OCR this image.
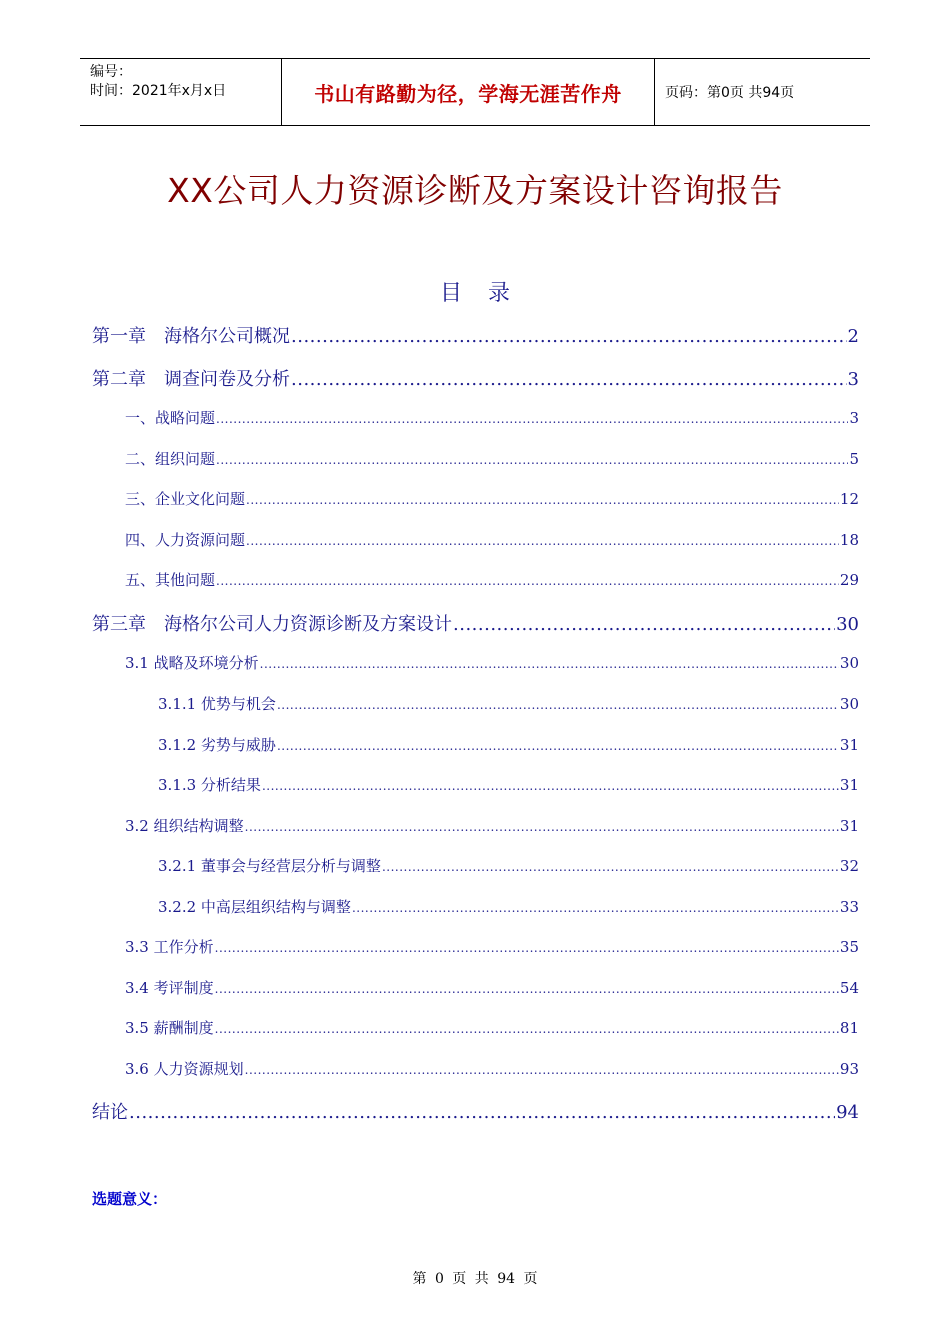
编号：
时间：2021年x月x日	书山有路勤为径，学海无涯苦作舟	页码：第0页 共94页
XX公司人力资源诊断及方案设计咨询报告
目录
第一章　海格尔公司概况 .....	2
第二章　调查问卷及分析 .....	3
一、战略问题 .....	3
二、组织问题 .....	5
三、企业文化问题 .....	12
四、人力资源问题 .....	18
五、其他问题 .....	29
第三章　海格尔公司人力资源诊断及方案设计 .....	30
3.1 战略及环境分析 .....	30
3.1.1 优势与机会 .....	30
3.1.2 劣势与威胁 .....	31
3.1.3 分析结果 .....	31
3.2 组织结构调整 .....	31
3.2.1 董事会与经营层分析与调整 .....	32
3.2.2 中高层组织结构与调整 .....	33
3.3 工作分析 .....	35
3.4 考评制度 .....	54
3.5 薪酬制度 .....	81
3.6 人力资源规划 .....	93
结论 .....	94
选题意义：
第 0 页 共 94 页
